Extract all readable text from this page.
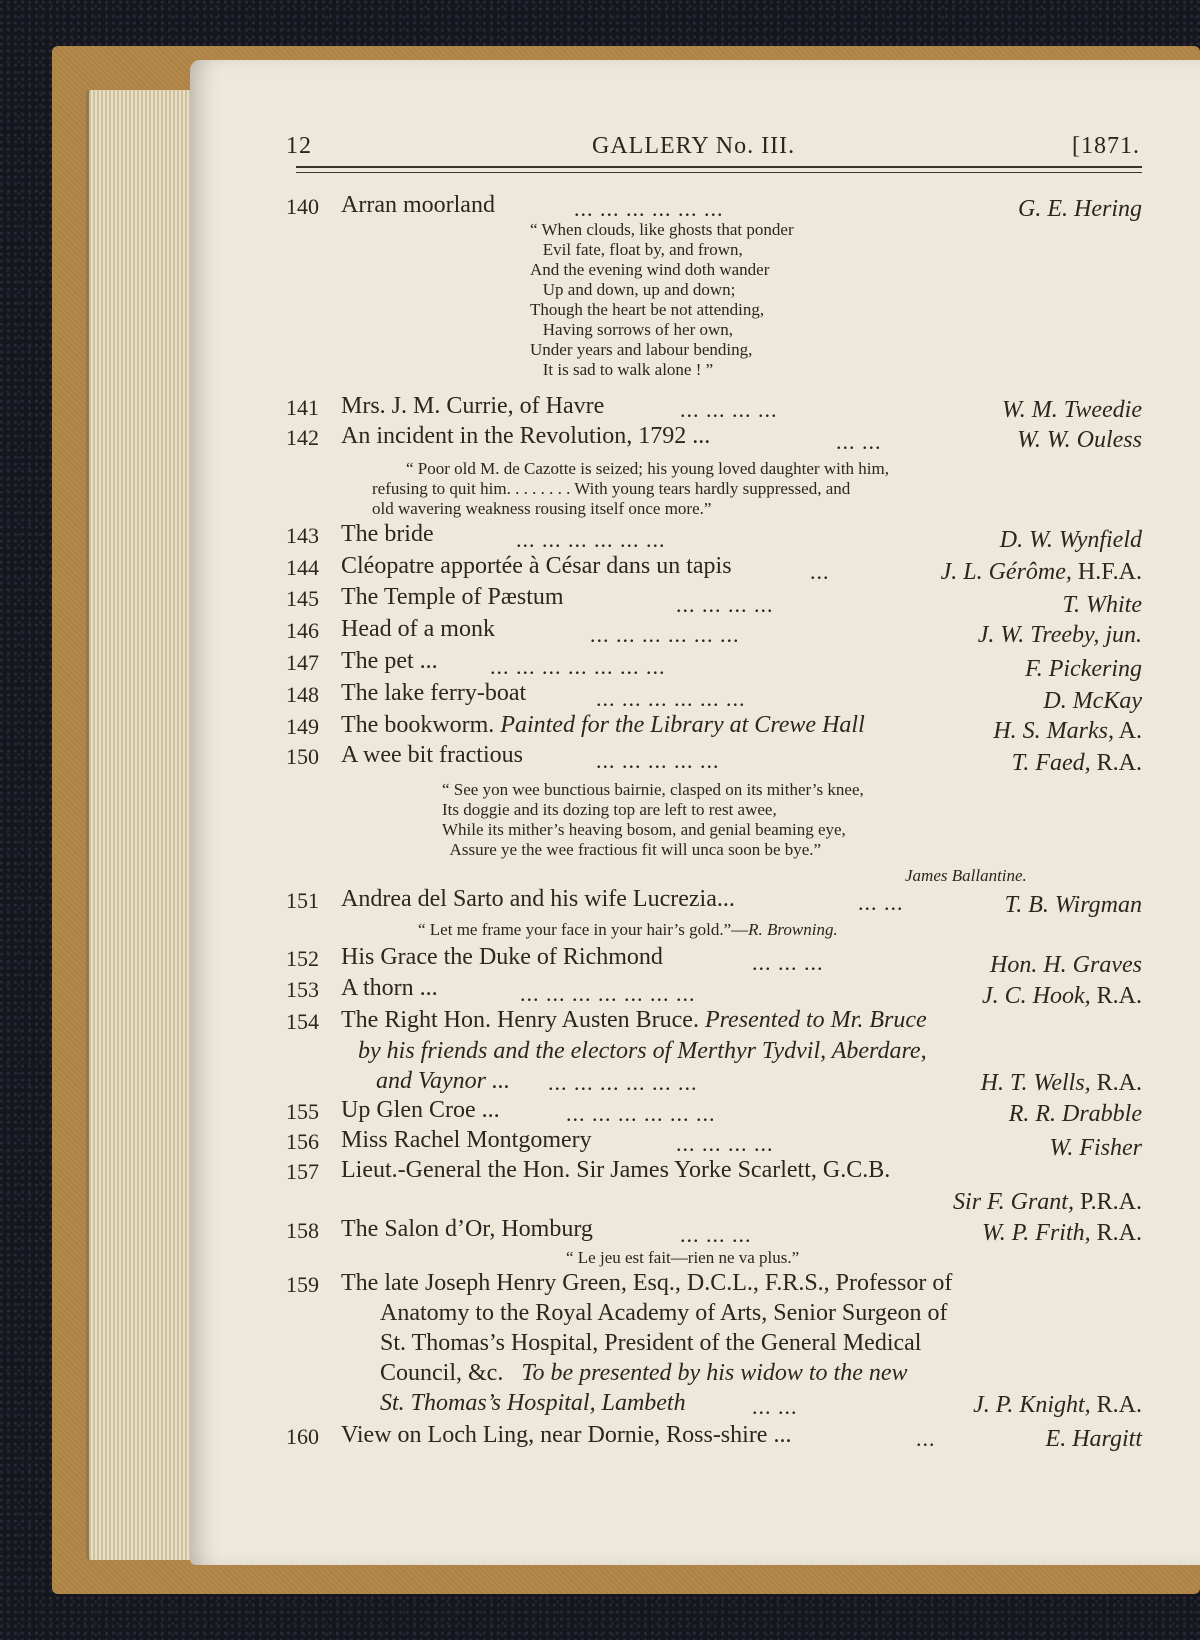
12	GALLERY No. III.	[1871.
140 Arran moorland	... ... ... ... ... ...	G. E. Hering
“ When clouds, like ghosts that ponder
Evil fate, float by, and frown,
And the evening wind doth wander
Up and down, up and down;
Though the heart be not attending,
Having sorrows of her own,
Under years and labour bending,
It is sad to walk alone ! ”
141 Mrs. J. M. Currie, of Havre	... ... ... ...	W. M. Tweedie
142 An incident in the Revolution, 1792 ...	... ...	W. W. Ouless
“ Poor old M. de Cazotte is seized; his young loved daughter with him,
refusing to quit him. . . . . . . . With young tears hardly suppressed, and
old wavering weakness rousing itself once more.”
143 The bride	... ... ... ... ... ...	D. W. Wynfield
144 Cléopatre apportée à César dans un tapis	...	J. L. Gérôme, H.F.A.
145 The Temple of Pæstum	... ... ... ...	T. White
146 Head of a monk	... ... ... ... ... ...	J. W. Treeby, jun.
147 The pet ... ... ... ... ... ... ... ...	F. Pickering
148 The lake ferry-boat	... ... ... ... ... ...	D. McKay
149 The bookworm. Painted for the Library at Crewe Hall	H. S. Marks, A.
150 A wee bit fractious	... ... ... ... ...	T. Faed, R.A.
“ See yon wee bunctious bairnie, clasped on its mither’s knee,
Its doggie and its dozing top are left to rest awee,
While its mither’s heaving bosom, and genial beaming eye,
Assure ye the wee fractious fit will unca soon be bye.”
James Ballantine.
151 Andrea del Sarto and his wife Lucrezia...	... ...	T. B. Wirgman
“ Let me frame your face in your hair’s gold.”—R. Browning.
152 His Grace the Duke of Richmond	... ... ...	Hon. H. Graves
153 A thorn ...	... ... ... ... ... ... ...	J. C. Hook, R.A.
154 The Right Hon. Henry Austen Bruce. Presented to Mr. Bruce
by his friends and the electors of Merthyr Tydvil, Aberdare,
and Vaynor ... ... ... ... ... ... ...	H. T. Wells, R.A.
155 Up Glen Croe ...	... ... ... ... ... ...	R. R. Drabble
156 Miss Rachel Montgomery	... ... ... ...	W. Fisher
157 Lieut.-General the Hon. Sir James Yorke Scarlett, G.C.B.
Sir F. Grant, P.R.A.
158 The Salon d’Or, Homburg	... ... ...	W. P. Frith, R.A.
“ Le jeu est fait—rien ne va plus.”
159 The late Joseph Henry Green, Esq., D.C.L., F.R.S., Professor of
Anatomy to the Royal Academy of Arts, Senior Surgeon of
St. Thomas’s Hospital, President of the General Medical
Council, &c. To be presented by his widow to the new
St. Thomas’s Hospital, Lambeth	... ...	J. P. Knight, R.A.
160 View on Loch Ling, near Dornie, Ross-shire ...	...	E. Hargitt
